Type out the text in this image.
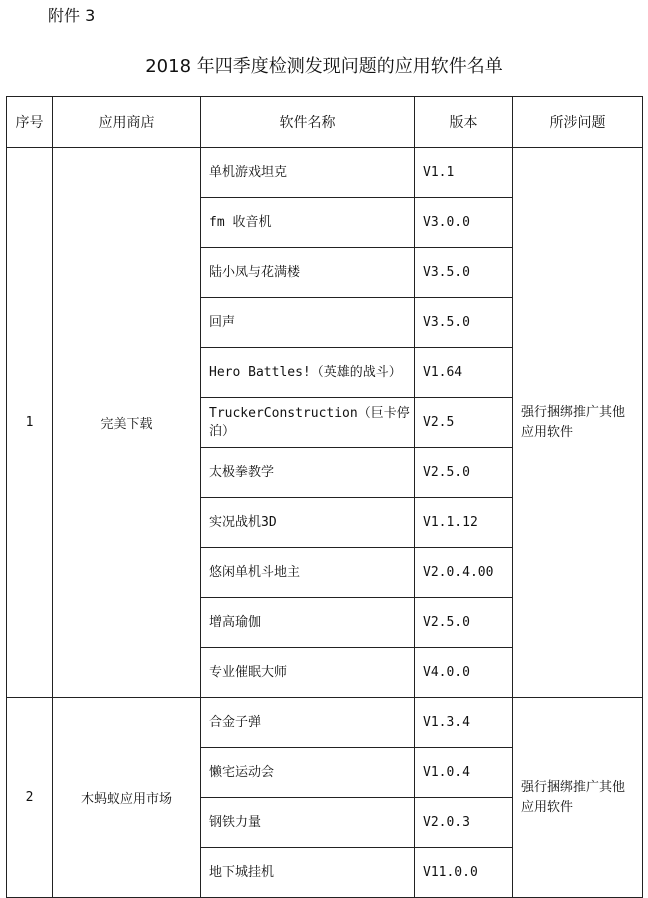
附件 3
2018 年四季度检测发现问题的应用软件名单
序号	应用商店	软件名称	版本	所涉问题
1	完美下载	单机游戏坦克	V1.1	强行捆绑推广其他应用软件
		fm 收音机	V3.0.0	
		陆小凤与花满楼	V3.5.0	
		回声	V3.5.0	
		Hero Battles!（英雄的战斗）	V1.64	
		TruckerConstruction（巨卡停泊）	V2.5	
		太极拳教学	V2.5.0	
		实况战机3D	V1.1.12	
		悠闲单机斗地主	V2.0.4.00	
		增高瑜伽	V2.5.0	
		专业催眠大师	V4.0.0	
2	木蚂蚁应用市场	合金子弹	V1.3.4	强行捆绑推广其他应用软件
		懒宅运动会	V1.0.4	
		钢铁力量	V2.0.3	
		地下城挂机	V11.0.0	
